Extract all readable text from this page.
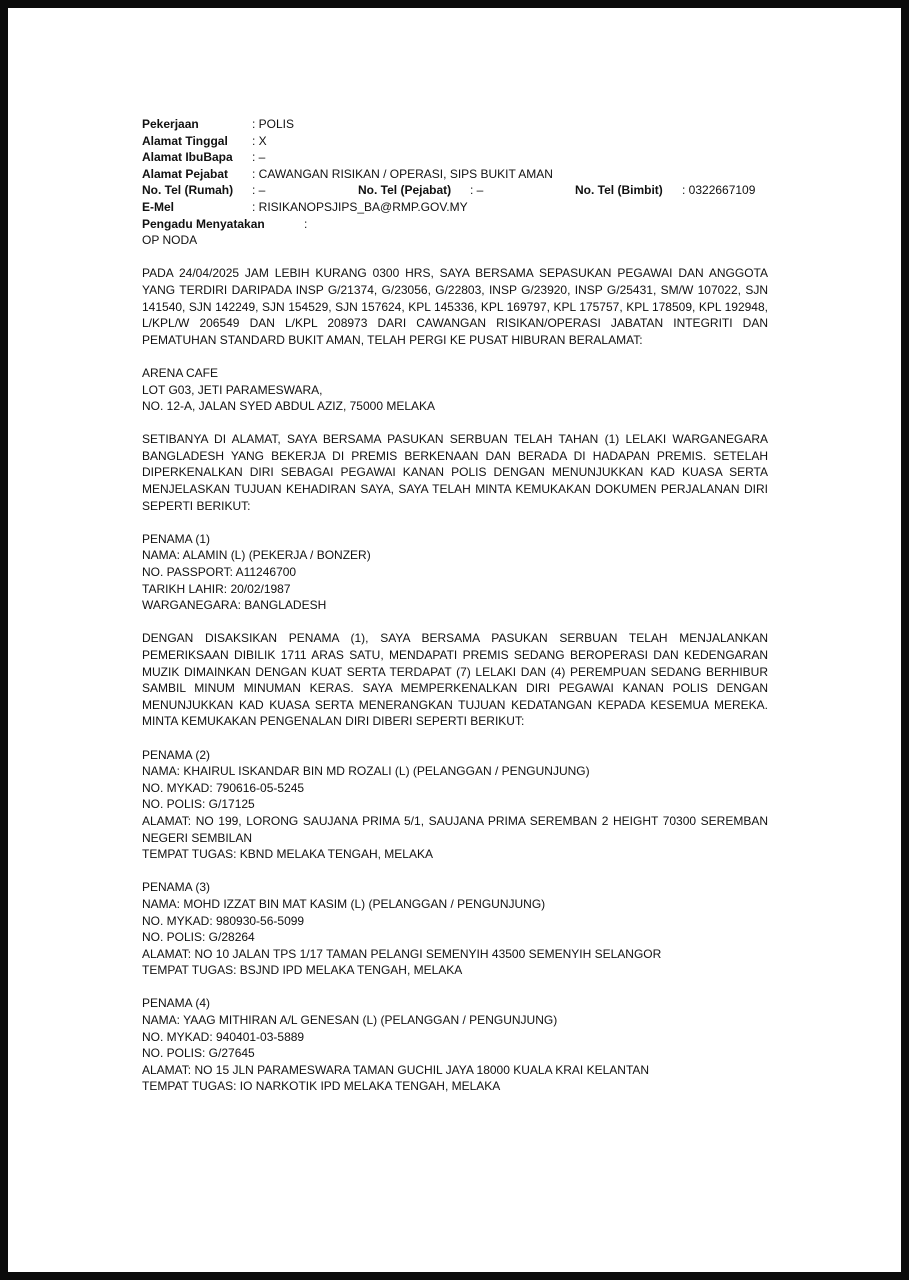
Pekerjaan	: POLIS
Alamat Tinggal : X
Alamat IbuBapa : –
Alamat Pejabat : CAWANGAN RISIKAN / OPERASI, SIPS BUKIT AMAN
No. Tel (Rumah) : –	No. Tel (Pejabat) : –	No. Tel (Bimbit) : 0322667109
E-Mel	: RISIKANOPSJIPS_BA@RMP.GOV.MY
Pengadu Menyatakan	:
OP NODA
PADA 24/04/2025 JAM LEBIH KURANG 0300 HRS, SAYA BERSAMA SEPASUKAN PEGAWAI DAN ANGGOTA YANG TERDIRI DARIPADA INSP G/21374, G/23056, G/22803, INSP G/23920, INSP G/25431, SM/W 107022, SJN 141540, SJN 142249, SJN 154529, SJN 157624, KPL 145336, KPL 169797, KPL 175757, KPL 178509, KPL 192948, L/KPL/W 206549 DAN L/KPL 208973 DARI CAWANGAN RISIKAN/OPERASI JABATAN INTEGRITI DAN PEMATUHAN STANDARD BUKIT AMAN, TELAH PERGI KE PUSAT HIBURAN BERALAMAT:
ARENA CAFE
LOT G03, JETI PARAMESWARA,
NO. 12-A, JALAN SYED ABDUL AZIZ, 75000 MELAKA
SETIBANYA DI ALAMAT, SAYA BERSAMA PASUKAN SERBUAN TELAH TAHAN (1) LELAKI WARGANEGARA BANGLADESH YANG BEKERJA DI PREMIS BERKENAAN DAN BERADA DI HADAPAN PREMIS. SETELAH DIPERKENALKAN DIRI SEBAGAI PEGAWAI KANAN POLIS DENGAN MENUNJUKKAN KAD KUASA SERTA MENJELASKAN TUJUAN KEHADIRAN SAYA, SAYA TELAH MINTA KEMUKAKAN DOKUMEN PERJALANAN DIRI SEPERTI BERIKUT:
PENAMA (1)
NAMA: ALAMIN (L) (PEKERJA / BONZER)
NO. PASSPORT: A11246700
TARIKH LAHIR: 20/02/1987
WARGANEGARA: BANGLADESH
DENGAN DISAKSIKAN PENAMA (1), SAYA BERSAMA PASUKAN SERBUAN TELAH MENJALANKAN PEMERIKSAAN DIBILIK 1711 ARAS SATU, MENDAPATI PREMIS SEDANG BEROPERASI DAN KEDENGARAN MUZIK DIMAINKAN DENGAN KUAT SERTA TERDAPAT (7) LELAKI DAN (4) PEREMPUAN SEDANG BERHIBUR SAMBIL MINUM MINUMAN KERAS. SAYA MEMPERKENALKAN DIRI PEGAWAI KANAN POLIS DENGAN MENUNJUKKAN KAD KUASA SERTA MENERANGKAN TUJUAN KEDATANGAN KEPADA KESEMUA MEREKA. MINTA KEMUKAKAN PENGENALAN DIRI DIBERI SEPERTI BERIKUT:
PENAMA (2)
NAMA: KHAIRUL ISKANDAR BIN MD ROZALI (L) (PELANGGAN / PENGUNJUNG)
NO. MYKAD: 790616-05-5245
NO. POLIS: G/17125
ALAMAT: NO 199, LORONG SAUJANA PRIMA 5/1, SAUJANA PRIMA SEREMBAN 2 HEIGHT 70300 SEREMBAN NEGERI SEMBILAN
TEMPAT TUGAS: KBND MELAKA TENGAH, MELAKA
PENAMA (3)
NAMA: MOHD IZZAT BIN MAT KASIM (L) (PELANGGAN / PENGUNJUNG)
NO. MYKAD: 980930-56-5099
NO. POLIS: G/28264
ALAMAT: NO 10 JALAN TPS 1/17 TAMAN PELANGI SEMENYIH 43500 SEMENYIH SELANGOR
TEMPAT TUGAS: BSJND IPD MELAKA TENGAH, MELAKA
PENAMA (4)
NAMA: YAAG MITHIRAN A/L GENESAN (L) (PELANGGAN / PENGUNJUNG)
NO. MYKAD: 940401-03-5889
NO. POLIS: G/27645
ALAMAT: NO 15 JLN PARAMESWARA TAMAN GUCHIL JAYA 18000 KUALA KRAI KELANTAN
TEMPAT TUGAS: IO NARKOTIK IPD MELAKA TENGAH, MELAKA
